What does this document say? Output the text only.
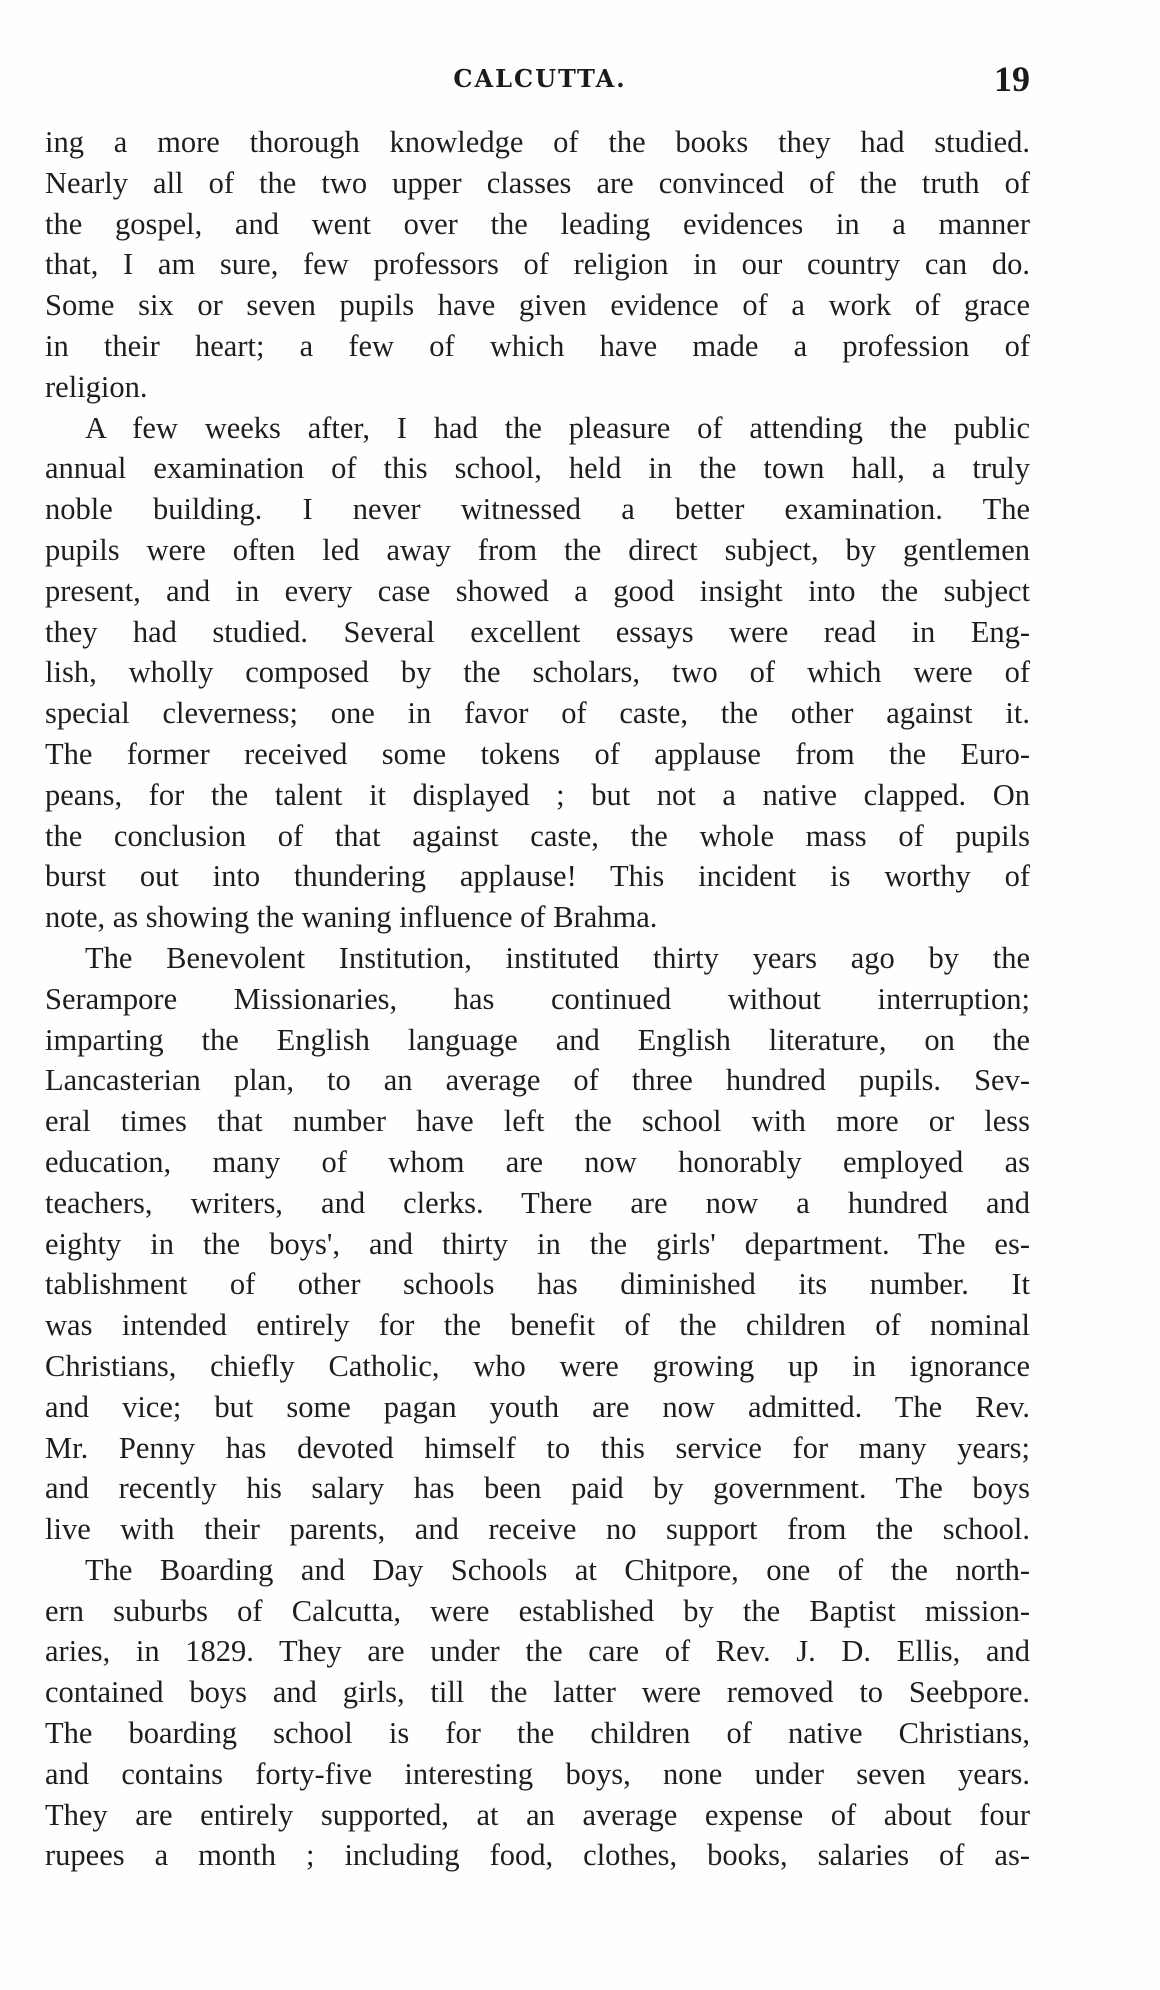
CALCUTTA.	19
ing a more thorough knowledge of the books they had studied.
Nearly all of the two upper classes are convinced of the truth of
the gospel, and went over the leading evidences in a manner
that, I am sure, few professors of religion in our country can do.
Some six or seven pupils have given evidence of a work of grace
in their heart; a few of which have made a profession of
religion.
A few weeks after, I had the pleasure of attending the public
annual examination of this school, held in the town hall, a truly
noble building. I never witnessed a better examination. The
pupils were often led away from the direct subject, by gentlemen
present, and in every case showed a good insight into the subject
they had studied. Several excellent essays were read in Eng-
lish, wholly composed by the scholars, two of which were of
special cleverness; one in favor of caste, the other against it.
The former received some tokens of applause from the Euro-
peans, for the talent it displayed ; but not a native clapped. On
the conclusion of that against caste, the whole mass of pupils
burst out into thundering applause! This incident is worthy of
note, as showing the waning influence of Brahma.
The Benevolent Institution, instituted thirty years ago by the
Serampore Missionaries, has continued without interruption;
imparting the English language and English literature, on the
Lancasterian plan, to an average of three hundred pupils. Sev-
eral times that number have left the school with more or less
education, many of whom are now honorably employed as
teachers, writers, and clerks. There are now a hundred and
eighty in the boys', and thirty in the girls' department. The es-
tablishment of other schools has diminished its number. It
was intended entirely for the benefit of the children of nominal
Christians, chiefly Catholic, who were growing up in ignorance
and vice; but some pagan youth are now admitted. The Rev.
Mr. Penny has devoted himself to this service for many years;
and recently his salary has been paid by government. The boys
live with their parents, and receive no support from the school.
The Boarding and Day Schools at Chitpore, one of the north-
ern suburbs of Calcutta, were established by the Baptist mission-
aries, in 1829. They are under the care of Rev. J. D. Ellis, and
contained boys and girls, till the latter were removed to Seebpore.
The boarding school is for the children of native Christians,
and contains forty-five interesting boys, none under seven years.
They are entirely supported, at an average expense of about four
rupees a month ; including food, clothes, books, salaries of as-
